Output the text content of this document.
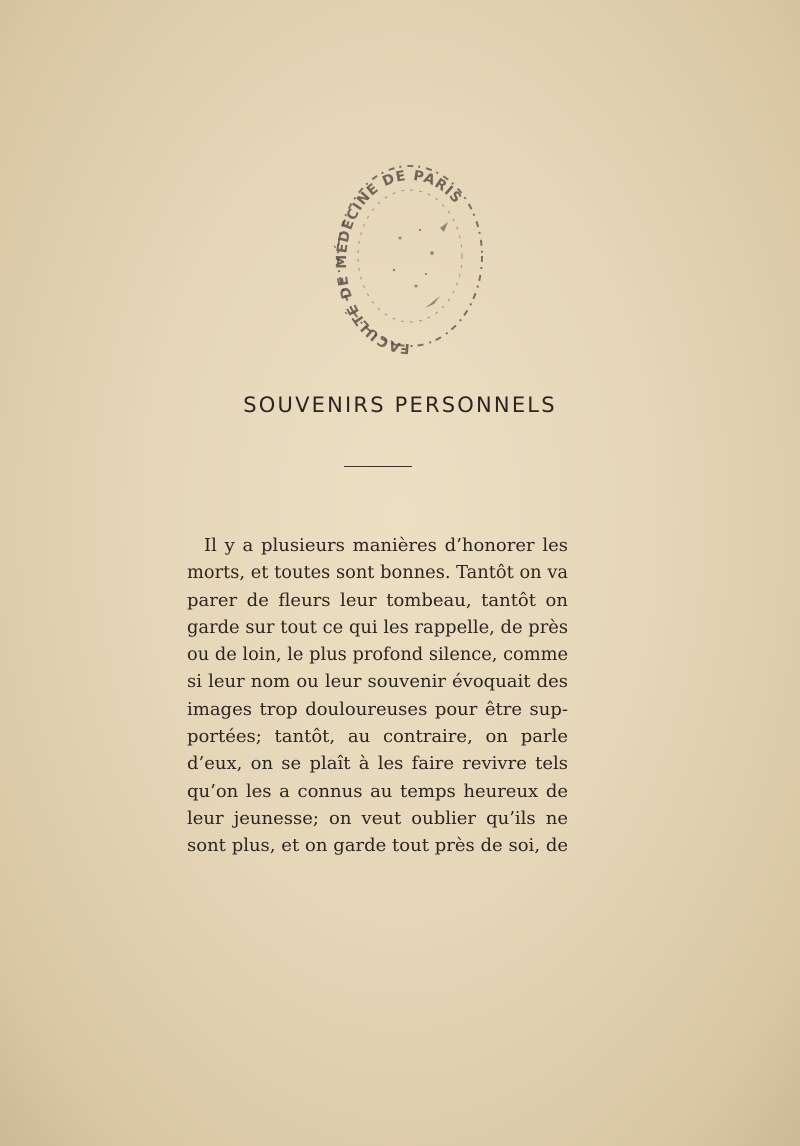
FACULTÉ DE MÉDECINE DE PARIS
SOUVENIRS PERSONNELS
Il y a plusieurs manières d’honorer les
morts, et toutes sont bonnes. Tantôt on va
parer de fleurs leur tombeau, tantôt on
garde sur tout ce qui les rappelle, de près
ou de loin, le plus profond silence, comme
si leur nom ou leur souvenir évoquait des
images trop douloureuses pour être sup-
portées; tantôt, au contraire, on parle
d’eux, on se plaît à les faire revivre tels
qu’on les a connus au temps heureux de
leur jeunesse; on veut oublier qu’ils ne
sont plus, et on garde tout près de soi, de
